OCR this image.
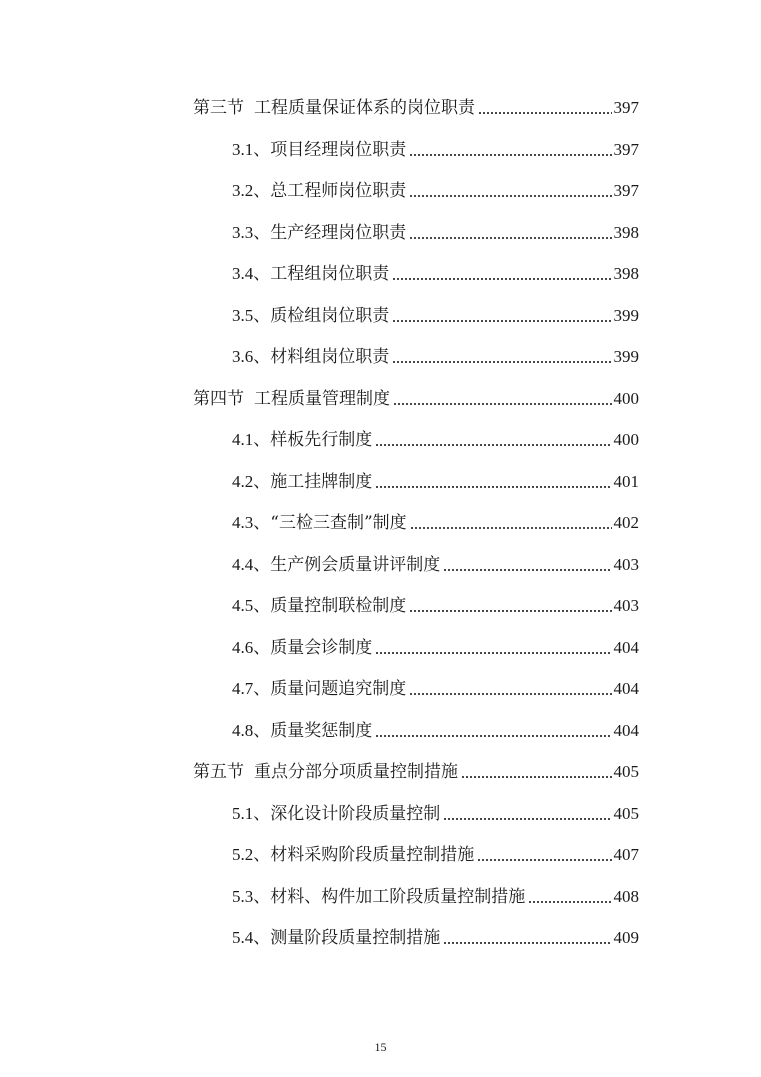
第三节 工程质量保证体系的岗位职责	397
3.1、 项目经理岗位职责	397
3.2、 总工程师岗位职责	397
3.3、 生产经理岗位职责	398
3.4、 工程组岗位职责	398
3.5、 质检组岗位职责	399
3.6、 材料组岗位职责	399
第四节 工程质量管理制度	400
4.1、 样板先行制度	400
4.2、 施工挂牌制度	401
4.3、 “三检三查制”制度	402
4.4、 生产例会质量讲评制度	403
4.5、 质量控制联检制度	403
4.6、 质量会诊制度	404
4.7、 质量问题追究制度	404
4.8、 质量奖惩制度	404
第五节 重点分部分项质量控制措施	405
5.1、 深化设计阶段质量控制	405
5.2、 材料采购阶段质量控制措施	407
5.3、 材料、构件加工阶段质量控制措施	408
5.4、 测量阶段质量控制措施	409
15
